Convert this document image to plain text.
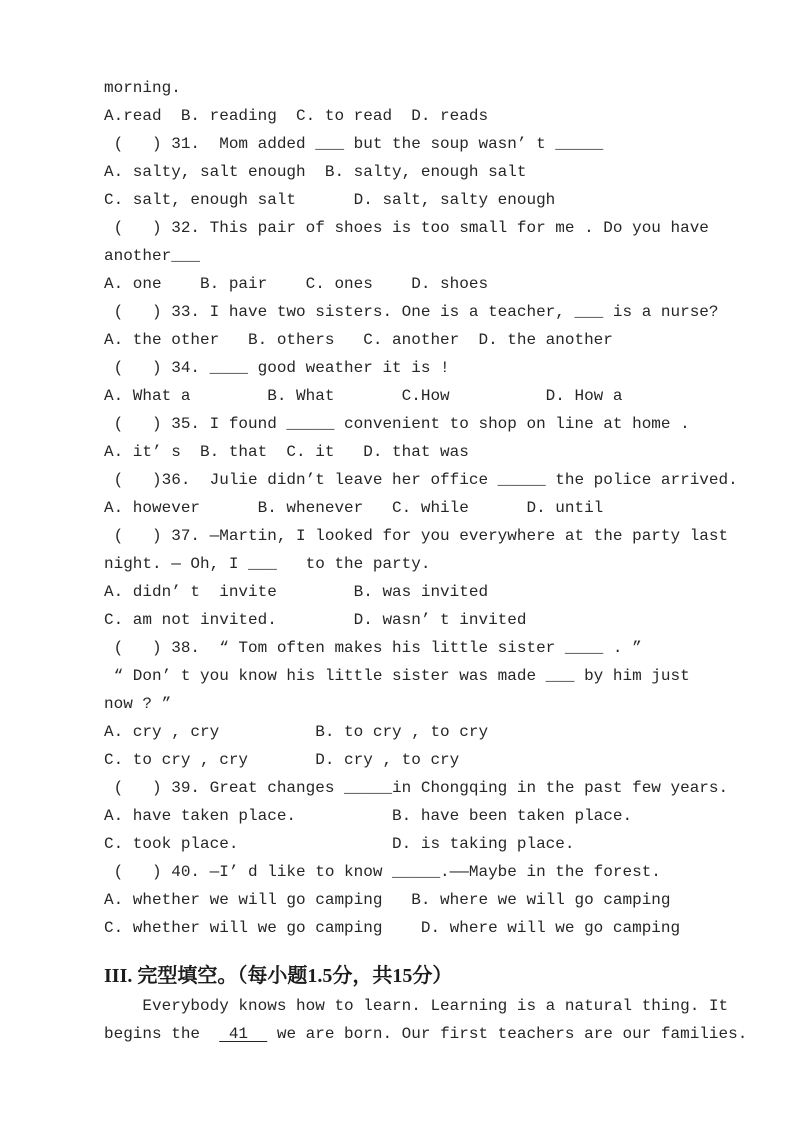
morning.
A.read  B. reading  C. to read  D. reads
(   ) 31.  Mom added ___ but the soup wasn’ t _____
A. salty, salt enough  B. salty, enough salt
C. salt, enough salt      D. salt, salty enough
(   ) 32. This pair of shoes is too small for me . Do you have
another___
A. one    B. pair    C. ones    D. shoes
(   ) 33. I have two sisters. One is a teacher, ___ is a nurse?
A. the other   B. others   C. another  D. the another
(   ) 34. ____ good weather it is !
A. What a        B. What       C.How          D. How a
(   ) 35. I found _____ convenient to shop on line at home .
A. it’ s  B. that  C. it   D. that was
(   )36.  Julie didn’t leave her office _____ the police arrived.
A. however      B. whenever   C. while      D. until
(   ) 37. —Martin, I looked for you everywhere at the party last
night. — Oh, I ___   to the party.
A. didn’ t  invite        B. was invited
C. am not invited.        D. wasn’ t invited
(   ) 38.  “ Tom often makes his little sister ____ . ”
“ Don’ t you know his little sister was made ___ by him just
now ? ”
A. cry , cry          B. to cry , to cry
C. to cry , cry       D. cry , to cry
(   ) 39. Great changes _____in Chongqing in the past few years.
A. have taken place.          B. have been taken place.
C. took place.                D. is taking place.
(   ) 40. —I’ d like to know _____.——Maybe in the forest.
A. whether we will go camping   B. where we will go camping
C. whether will we go camping    D. where will we go camping
III. 完型填空。（每小题1.5分，共15分）
Everybody knows how to learn. Learning is a natural thing. It
begins the   41   we are born. Our first teachers are our families.
